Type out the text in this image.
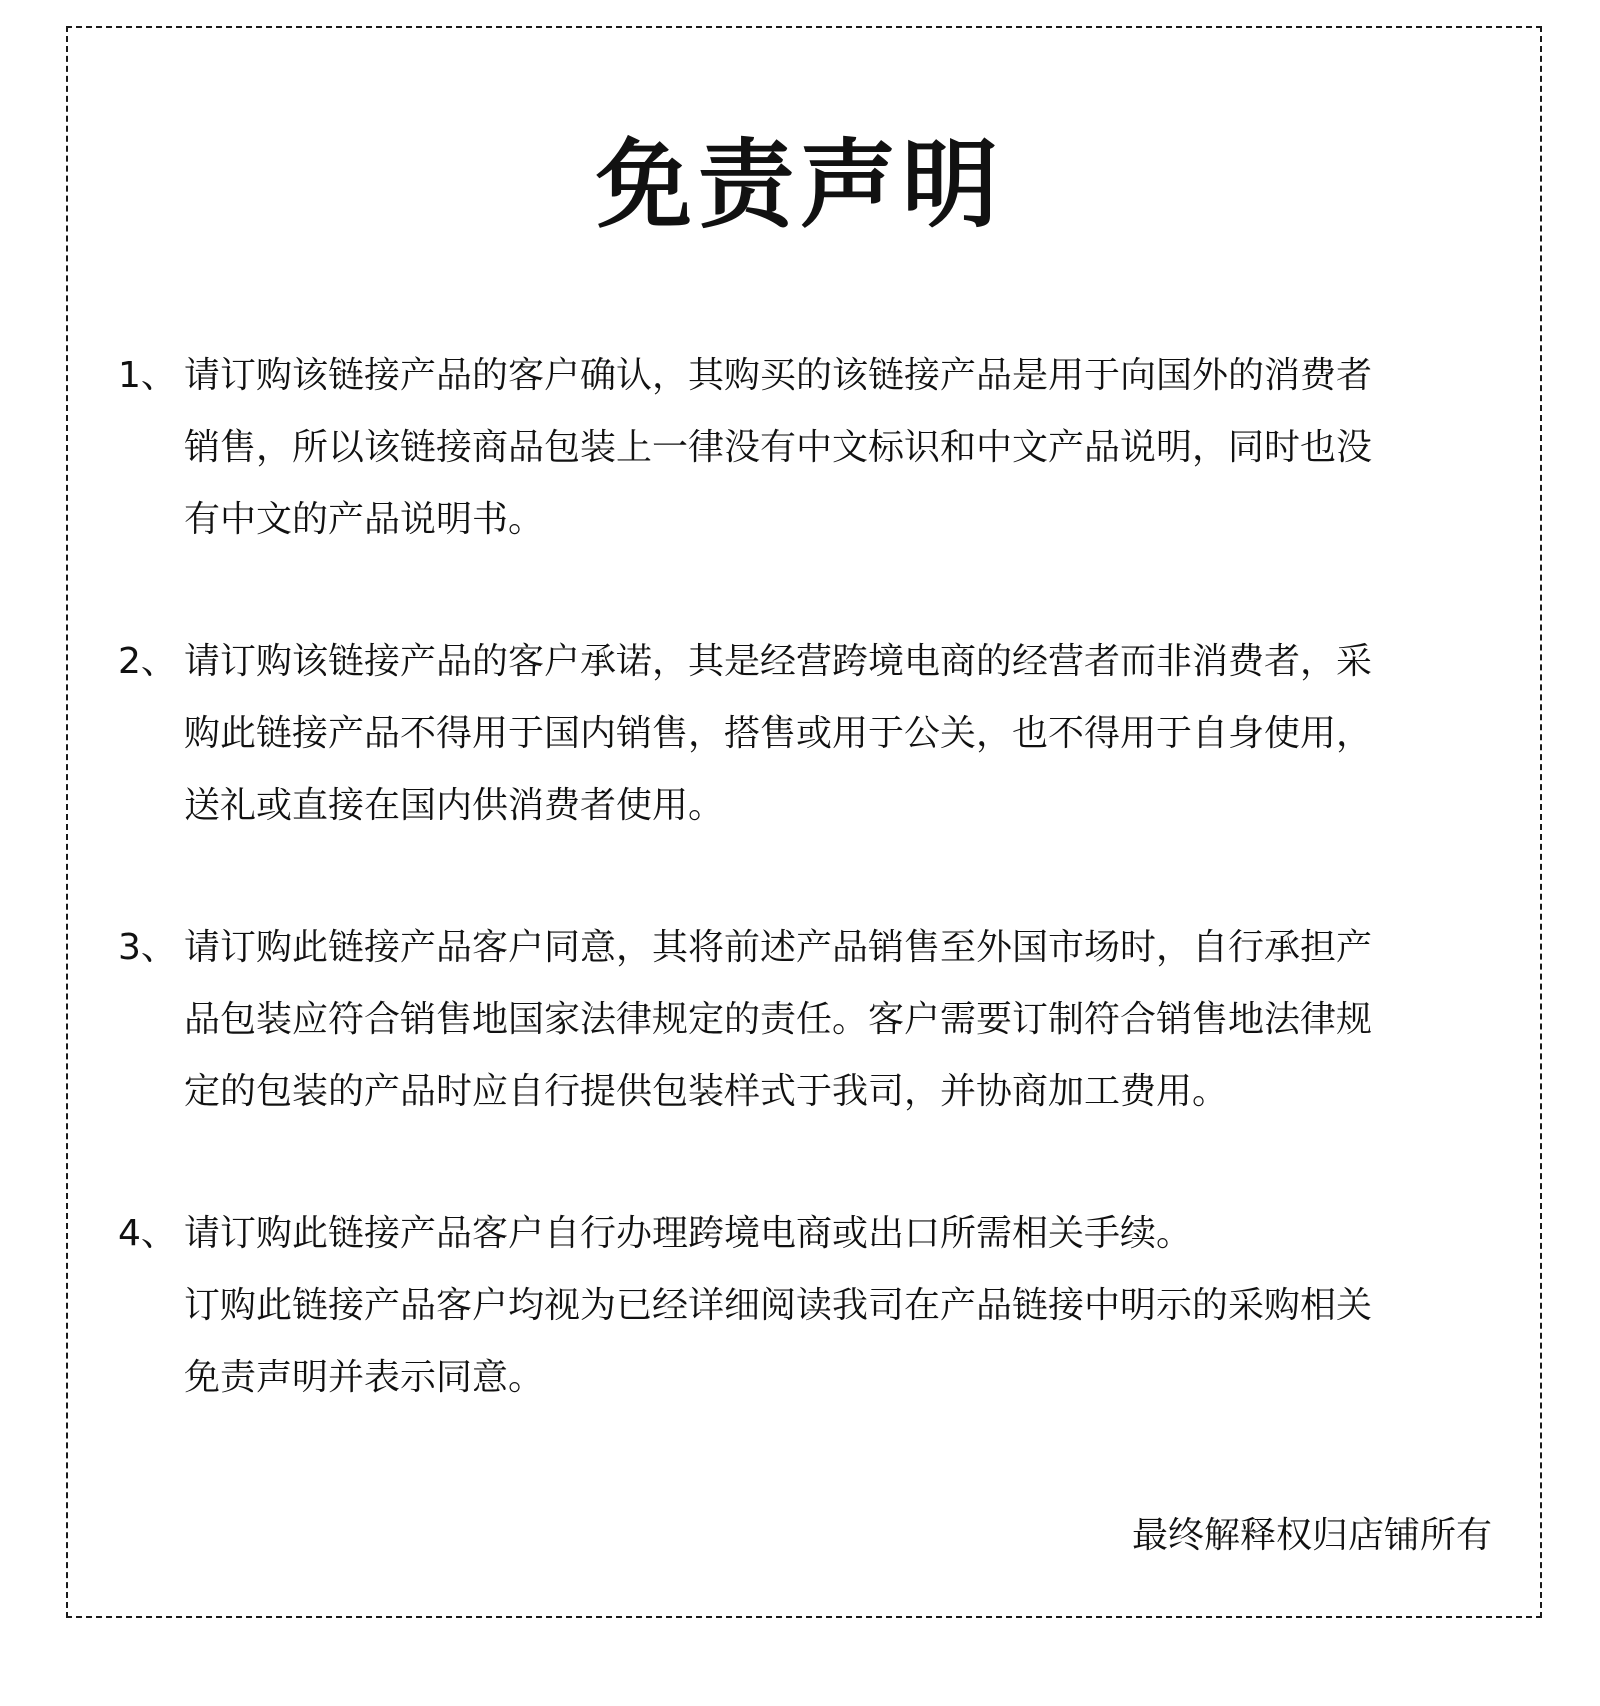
免责声明
1、 请订购该链接产品的客户确认，其购买的该链接产品是用于向国外的消费者
销售，所以该链接商品包装上一律没有中文标识和中文产品说明，同时也没
有中文的产品说明书。
2、 请订购该链接产品的客户承诺，其是经营跨境电商的经营者而非消费者，采
购此链接产品不得用于国内销售，搭售或用于公关，也不得用于自身使用，
送礼或直接在国内供消费者使用。
3、 请订购此链接产品客户同意，其将前述产品销售至外国市场时，自行承担产
品包装应符合销售地国家法律规定的责任。客户需要订制符合销售地法律规
定的包装的产品时应自行提供包装样式于我司，并协商加工费用。
4、 请订购此链接产品客户自行办理跨境电商或出口所需相关手续。
订购此链接产品客户均视为已经详细阅读我司在产品链接中明示的采购相关
免责声明并表示同意。

最终解释权归店铺所有
